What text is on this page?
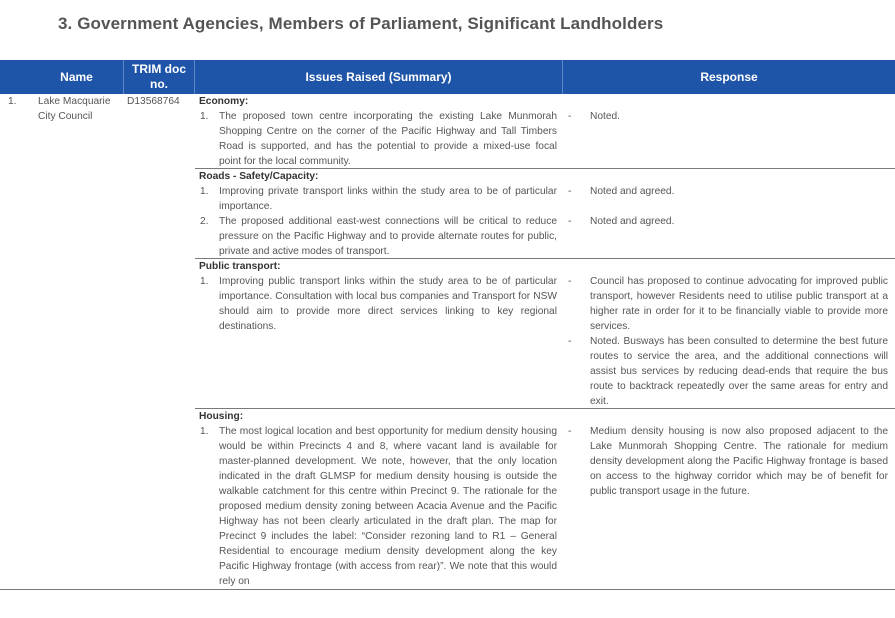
3. Government Agencies, Members of Parliament, Significant Landholders
Name
TRIM doc no.
Issues Raised (Summary)	Response
1. Lake Macquarie City Council
D13568764 Economy:
1. The proposed town centre incorporating the existing Lake Munmorah Shopping Centre on the corner of the Pacific Highway and Tall Timbers Road is supported, and has the potential to provide a mixed-use focal point for the local community.
- Noted.
Roads - Safety/Capacity:
1. Improving private transport links within the study area to be of particular importance.
2. The proposed additional east-west connections will be critical to reduce pressure on the Pacific Highway and to provide alternate routes for public, private and active modes of transport.
- Noted and agreed.
- Noted and agreed.
Public transport:
1. Improving public transport links within the study area to be of particular importance. Consultation with local bus companies and Transport for NSW should aim to provide more direct services linking to key regional destinations.
- Council has proposed to continue advocating for improved public transport, however Residents need to utilise public transport at a higher rate in order for it to be financially viable to provide more services.
- Noted. Busways has been consulted to determine the best future routes to service the area, and the additional connections will assist bus services by reducing dead-ends that require the bus route to backtrack repeatedly over the same areas for entry and exit.
Housing:
1. The most logical location and best opportunity for medium density housing would be within Precincts 4 and 8, where vacant land is available for master-planned development. We note, however, that the only location indicated in the draft GLMSP for medium density housing is outside the walkable catchment for this centre within Precinct 9. The rationale for the proposed medium density zoning between Acacia Avenue and the Pacific Highway has not been clearly articulated in the draft plan. The map for Precinct 9 includes the label: “Consider rezoning land to R1 – General Residential to encourage medium density development along the key Pacific Highway frontage (with access from rear)”. We note that this would rely on
- Medium density housing is now also proposed adjacent to the Lake Munmorah Shopping Centre. The rationale for medium density development along the Pacific Highway frontage is based on access to the highway corridor which may be of benefit for public transport usage in the future.
